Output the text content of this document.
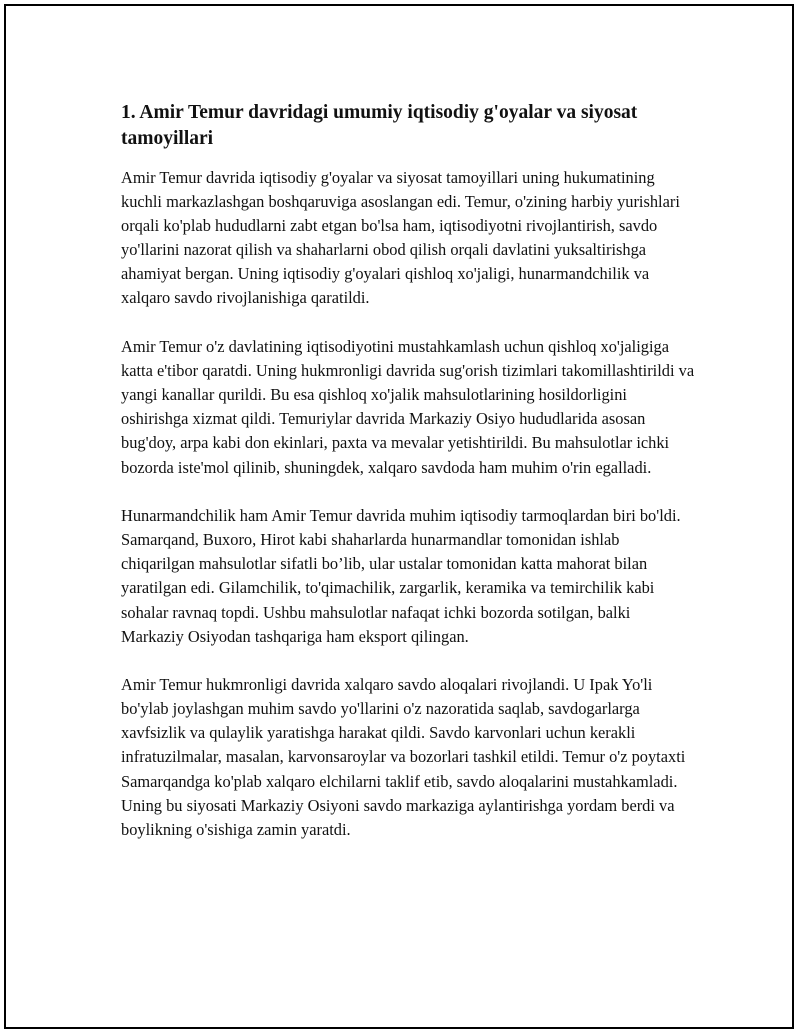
1. Amir Temur davridagi umumiy iqtisodiy g'oyalar va siyosat tamoyillari

Amir Temur davrida iqtisodiy g'oyalar va siyosat tamoyillari uning hukumatining kuchli markazlashgan boshqaruviga asoslangan edi. Temur, o'zining harbiy yurishlari orqali ko'plab hududlarni zabt etgan bo'lsa ham, iqtisodiyotni rivojlantirish, savdo yo'llarini nazorat qilish va shaharlarni obod qilish orqali davlatini yuksaltirishga ahamiyat bergan. Uning iqtisodiy g'oyalari qishloq xo'jaligi, hunarmandchilik va xalqaro savdo rivojlanishiga qaratildi.

Amir Temur o'z davlatining iqtisodiyotini mustahkamlash uchun qishloq xo'jaligiga katta e'tibor qaratdi. Uning hukmronligi davrida sug'orish tizimlari takomillashtirildi va yangi kanallar qurildi. Bu esa qishloq xo'jalik mahsulotlarining hosildorligini oshirishga xizmat qildi. Temuriylar davrida Markaziy Osiyo hududlarida asosan bug'doy, arpa kabi don ekinlari, paxta va mevalar yetishtirildi. Bu mahsulotlar ichki bozorda iste'mol qilinib, shuningdek, xalqaro savdoda ham muhim o'rin egalladi.

Hunarmandchilik ham Amir Temur davrida muhim iqtisodiy tarmoqlardan biri bo'ldi. Samarqand, Buxoro, Hirot kabi shaharlarda hunarmandlar tomonidan ishlab chiqarilgan mahsulotlar sifatli bo’lib, ular ustalar tomonidan katta mahorat bilan yaratilgan edi. Gilamchilik, to'qimachilik, zargarlik, keramika va temirchilik kabi sohalar ravnaq topdi. Ushbu mahsulotlar nafaqat ichki bozorda sotilgan, balki Markaziy Osiyodan tashqariga ham eksport qilingan.

Amir Temur hukmronligi davrida xalqaro savdo aloqalari rivojlandi. U Ipak Yo'li bo'ylab joylashgan muhim savdo yo'llarini o'z nazoratida saqlab, savdogarlarga xavfsizlik va qulaylik yaratishga harakat qildi. Savdo karvonlari uchun kerakli infratuzilmalar, masalan, karvonsaroylar va bozorlari tashkil etildi. Temur o'z poytaxti Samarqandga ko'plab xalqaro elchilarni taklif etib, savdo aloqalarini mustahkamladi. Uning bu siyosati Markaziy Osiyoni savdo markaziga aylantirishga yordam berdi va boylikning o'sishiga zamin yaratdi.
